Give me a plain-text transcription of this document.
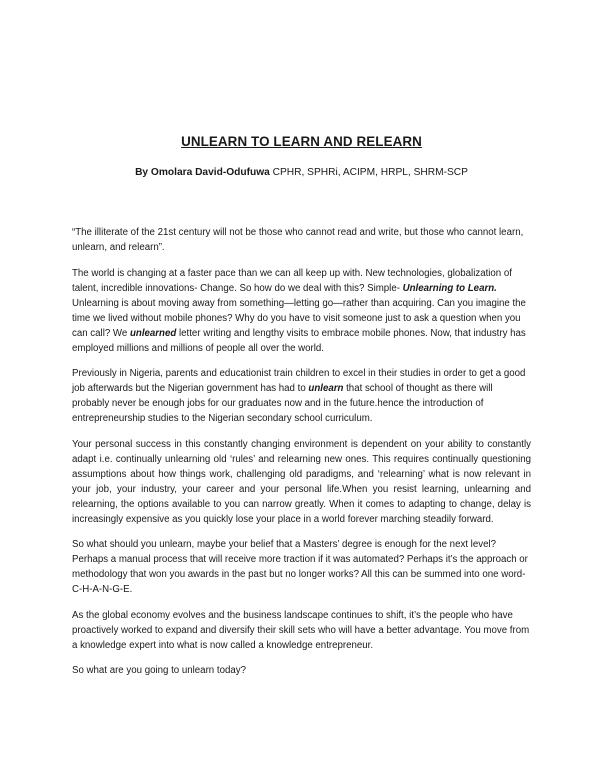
UNLEARN TO LEARN AND RELEARN

By Omolara David-Odufuwa CPHR, SPHRi, ACIPM, HRPL, SHRM-SCP

“The illiterate of the 21st century will not be those who cannot read and write, but those who cannot learn, unlearn, and relearn”.

The world is changing at a faster pace than we can all keep up with. New technologies, globalization of talent, incredible innovations- Change. So how do we deal with this? Simple- Unlearning to Learn. Unlearning is about moving away from something—letting go—rather than acquiring. Can you imagine the time we lived without mobile phones? Why do you have to visit someone just to ask a question when you can call? We unlearned letter writing and lengthy visits to embrace mobile phones. Now, that industry has employed millions and millions of people all over the world.

Previously in Nigeria, parents and educationist train children to excel in their studies in order to get a good job afterwards but the Nigerian government has had to unlearn that school of thought as there will probably never be enough jobs for our graduates now and in the future.hence the introduction of entrepreneurship studies to the Nigerian secondary school curriculum.

Your personal success in this constantly changing environment is dependent on your ability to constantly adapt i.e. continually unlearning old ‘rules’ and relearning new ones. This requires continually questioning assumptions about how things work, challenging old paradigms, and ‘relearning’ what is now relevant in your job, your industry, your career and your personal life.When you resist learning, unlearning and relearning, the options available to you can narrow greatly. When it comes to adapting to change, delay is increasingly expensive as you quickly lose your place in a world forever marching steadily forward.

So what should you unlearn, maybe your belief that a Masters’ degree is enough for the next level? Perhaps a manual process that will receive more traction if it was automated? Perhaps it’s the approach or methodology that won you awards in the past but no longer works? All this can be summed into one word- C-H-A-N-G-E.

As the global economy evolves and the business landscape continues to shift, it’s the people who have proactively worked to expand and diversify their skill sets who will have a better advantage. You move from a knowledge expert into what is now called a knowledge entrepreneur.

So what are you going to unlearn today?
